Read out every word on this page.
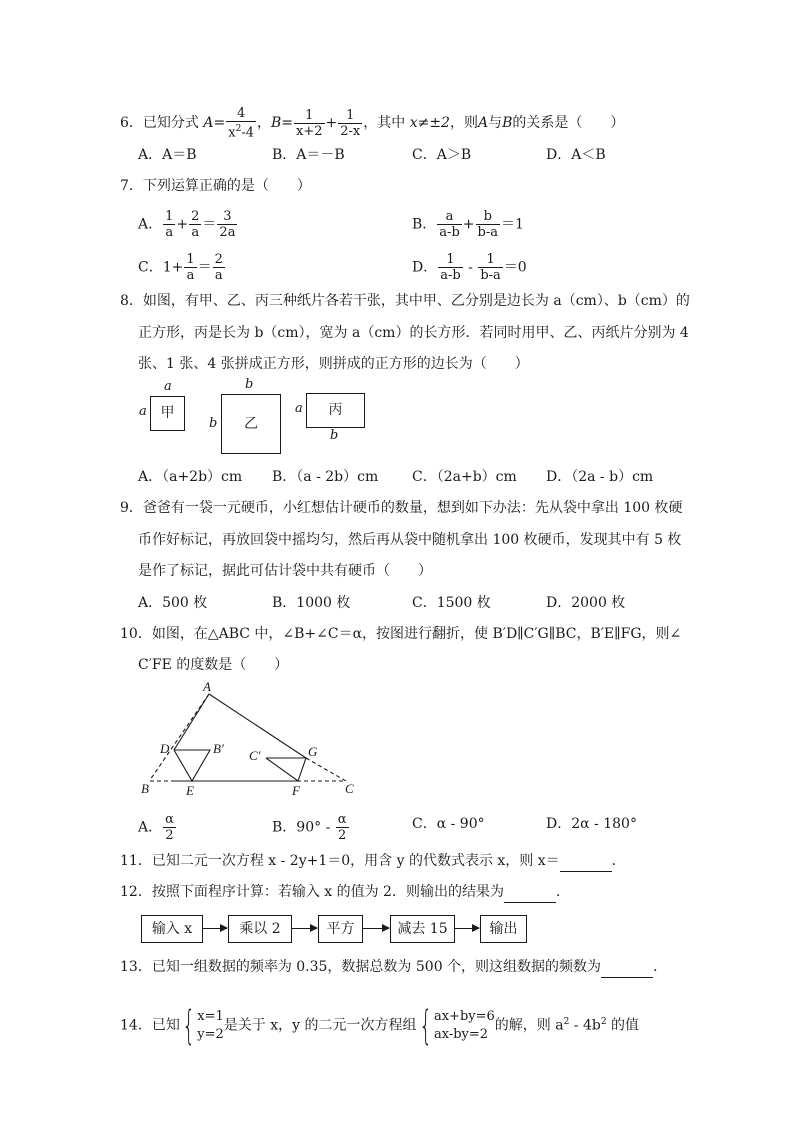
6．已知分式 $A= \frac{4}{x^2-4}$ ，$B= \frac{1}{x+2} + \frac{1}{2-x}$ ，其中 x≠±2，则A与B的关系是（　　）
A．A＝B	B．A＝－B	C．A＞B	D．A＜B
7．下列运算正确的是（　　）
A． $\frac{1}{a} + \frac{2}{a} = \frac{3}{2a}$	B． $\frac{a}{a-b} + \frac{b}{b-a} =1$
C．$1+ \frac{1}{a} = \frac{2}{a}$	D． $\frac{1}{a-b} - \frac{1}{b-a} =0$
8．如图，有甲、乙、丙三种纸片各若干张，其中甲、乙分别是边长为 a（cm）、b（cm）的
正方形，丙是长为 b（cm），宽为 a（cm）的长方形．若同时用甲、乙、丙纸片分别为 4
张、1 张、4 张拼成正方形，则拼成的正方形的边长为（　　）
a
a 甲
b
b	乙
a	丙
b
A．（a+2b）cm B．（a - 2b）cm C．（2a+b）cm D．（2a - b）cm
9．爸爸有一袋一元硬币，小红想估计硬币的数量，想到如下办法：先从袋中拿出 100 枚硬
币作好标记，再放回袋中摇均匀，然后再从袋中随机拿出 100 枚硬币，发现其中有 5 枚
是作了标记，据此可估计袋中共有硬币（　　）
A．500 枚	B．1000 枚	C．1500 枚	D．2000 枚
10．如图，在△ABC 中，∠B+∠C＝α，按图进行翻折，使 B′D∥C′G∥BC，B′E∥FG，则∠
C′FE 的度数是（　　）
A
D	B′ C′	G
B	E	F	C
A． $\frac{\alpha}{2}$	B．$90^\circ - \frac{\alpha}{2}$	C．α - 90°	D．2α - 180°
11．已知二元一次方程 x - 2y+1＝0，用含 y 的代数式表示 x，则 x＝	．
12．按照下面程序计算：若输入 x 的值为 2．则输出的结果为	．
输入 x	乘以 2	平方	减去 15	输出
13．已知一组数据的频率为 0.35，数据总数为 500 个，则这组数据的频数为	．
14．已知{ x=1
y=2
是关于 x，y 的二元一次方程组{ ax+by=6
ax-by=2
的解，则 $a^2 - 4b^2$ 的值
